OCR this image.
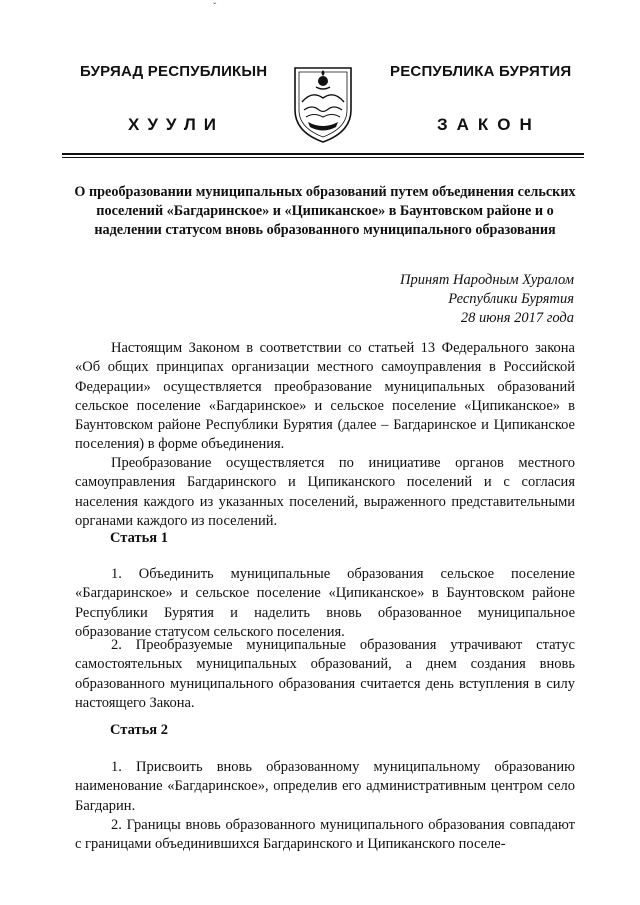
ˇ
БУРЯАД РЕСПУБЛИКЫН
ХУУЛИ
РЕСПУБЛИКА БУРЯТИЯ
ЗАКОН
О преобразовании муниципальных образований путем объединения сельских поселений «Багдаринское» и «Ципиканское» в Баунтовском районе и о наделении статусом вновь образованного муниципального образования
Принят Народным Хуралом
Республики Бурятия
28 июня 2017 года

Настоящим Законом в соответствии со статьей 13 Федерального закона «Об общих принципах организации местного самоуправления в Российской Федерации» осуществляется преобразование муниципальных образований сельское поселение «Багдаринское» и сельское поселение «Ципиканское» в Баунтовском районе Республики Бурятия (далее – Багдаринское и Ципиканское поселения) в форме объединения.

Преобразование осуществляется по инициативе органов местного самоуправления Багдаринского и Ципиканского поселений и с согласия населения каждого из указанных поселений, выраженного представительными органами каждого из поселений.

Статья 1

1. Объединить муниципальные образования сельское поселение «Багдаринское» и сельское поселение «Ципиканское» в Баунтовском районе Республики Бурятия и наделить вновь образованное муниципальное образование статусом сельского поселения.

2. Преобразуемые муниципальные образования утрачивают статус самостоятельных муниципальных образований, а днем создания вновь образованного муниципального образования считается день вступления в силу настоящего Закона.

Статья 2

1. Присвоить вновь образованному муниципальному образованию наименование «Багдаринское», определив его административным центром село Багдарин.

2. Границы вновь образованного муниципального образования совпадают с границами объединившихся Багдаринского и Ципиканского поселе-
